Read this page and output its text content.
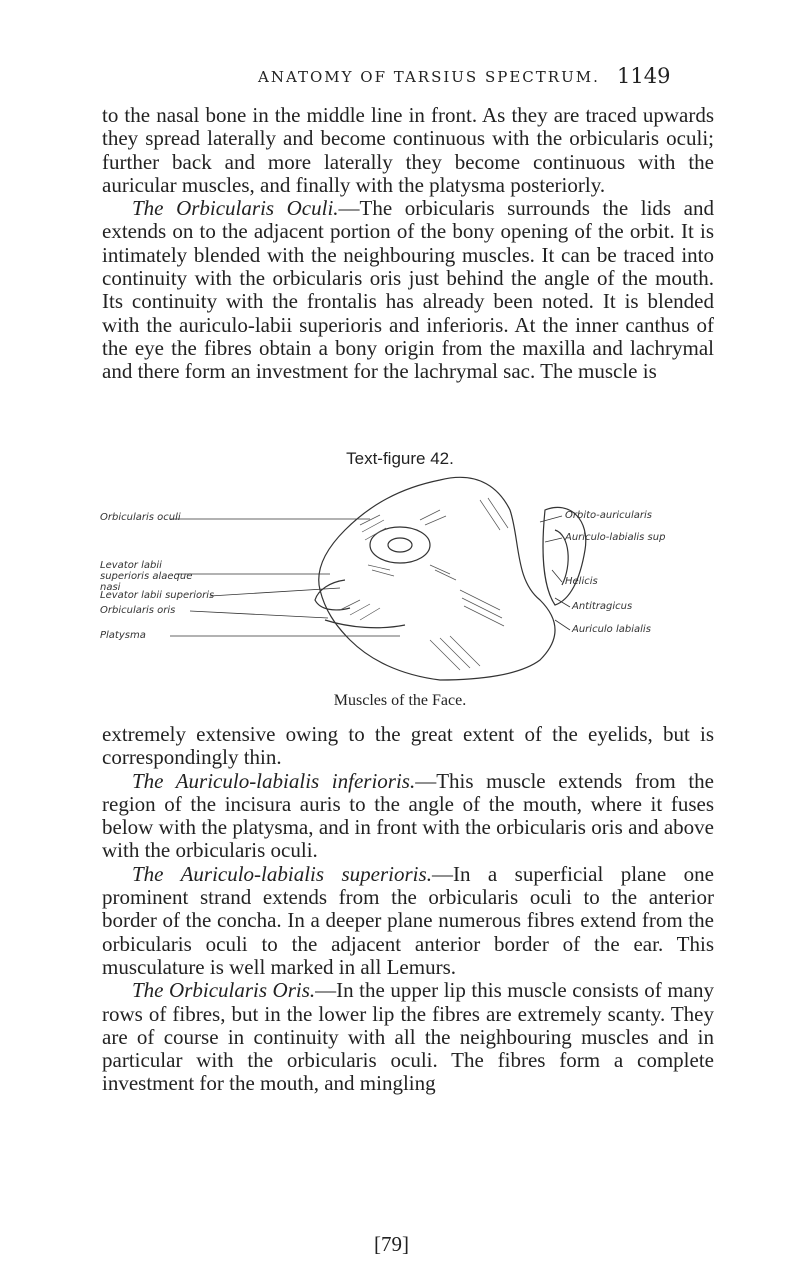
ANATOMY OF TARSIUS SPECTRUM. 1149

to the nasal bone in the middle line in front. As they are traced upwards they spread laterally and become continuous with the orbicularis oculi; further back and more laterally they become continuous with the auricular muscles, and finally with the platysma posteriorly.

The Orbicularis Oculi.—The orbicularis surrounds the lids and extends on to the adjacent portion of the bony opening of the orbit. It is intimately blended with the neighbouring muscles. It can be traced into continuity with the orbicularis oris just behind the angle of the mouth. Its continuity with the frontalis has already been noted. It is blended with the auriculo-labii superioris and inferioris. At the inner canthus of the eye the fibres obtain a bony origin from the maxilla and lachrymal and there form an investment for the lachrymal sac. The muscle is

Text-figure 42.
Orbicularis oculi
Levator labii superioris alaeque nasi
Levator labii superioris
Orbicularis oris
Platysma
Orbito-auricularis
Auriculo-labialis sup
Helicis
Antitragicus
Auriculo labialis
Muscles of the Face.

extremely extensive owing to the great extent of the eyelids, but is correspondingly thin.

The Auriculo-labialis inferioris.—This muscle extends from the region of the incisura auris to the angle of the mouth, where it fuses below with the platysma, and in front with the orbicularis oris and above with the orbicularis oculi.

The Auriculo-labialis superioris.—In a superficial plane one prominent strand extends from the orbicularis oculi to the anterior border of the concha. In a deeper plane numerous fibres extend from the orbicularis oculi to the adjacent anterior border of the ear. This musculature is well marked in all Lemurs.

The Orbicularis Oris.—In the upper lip this muscle consists of many rows of fibres, but in the lower lip the fibres are extremely scanty. They are of course in continuity with all the neighbouring muscles and in particular with the orbicularis oculi. The fibres form a complete investment for the mouth, and mingling

[79]
